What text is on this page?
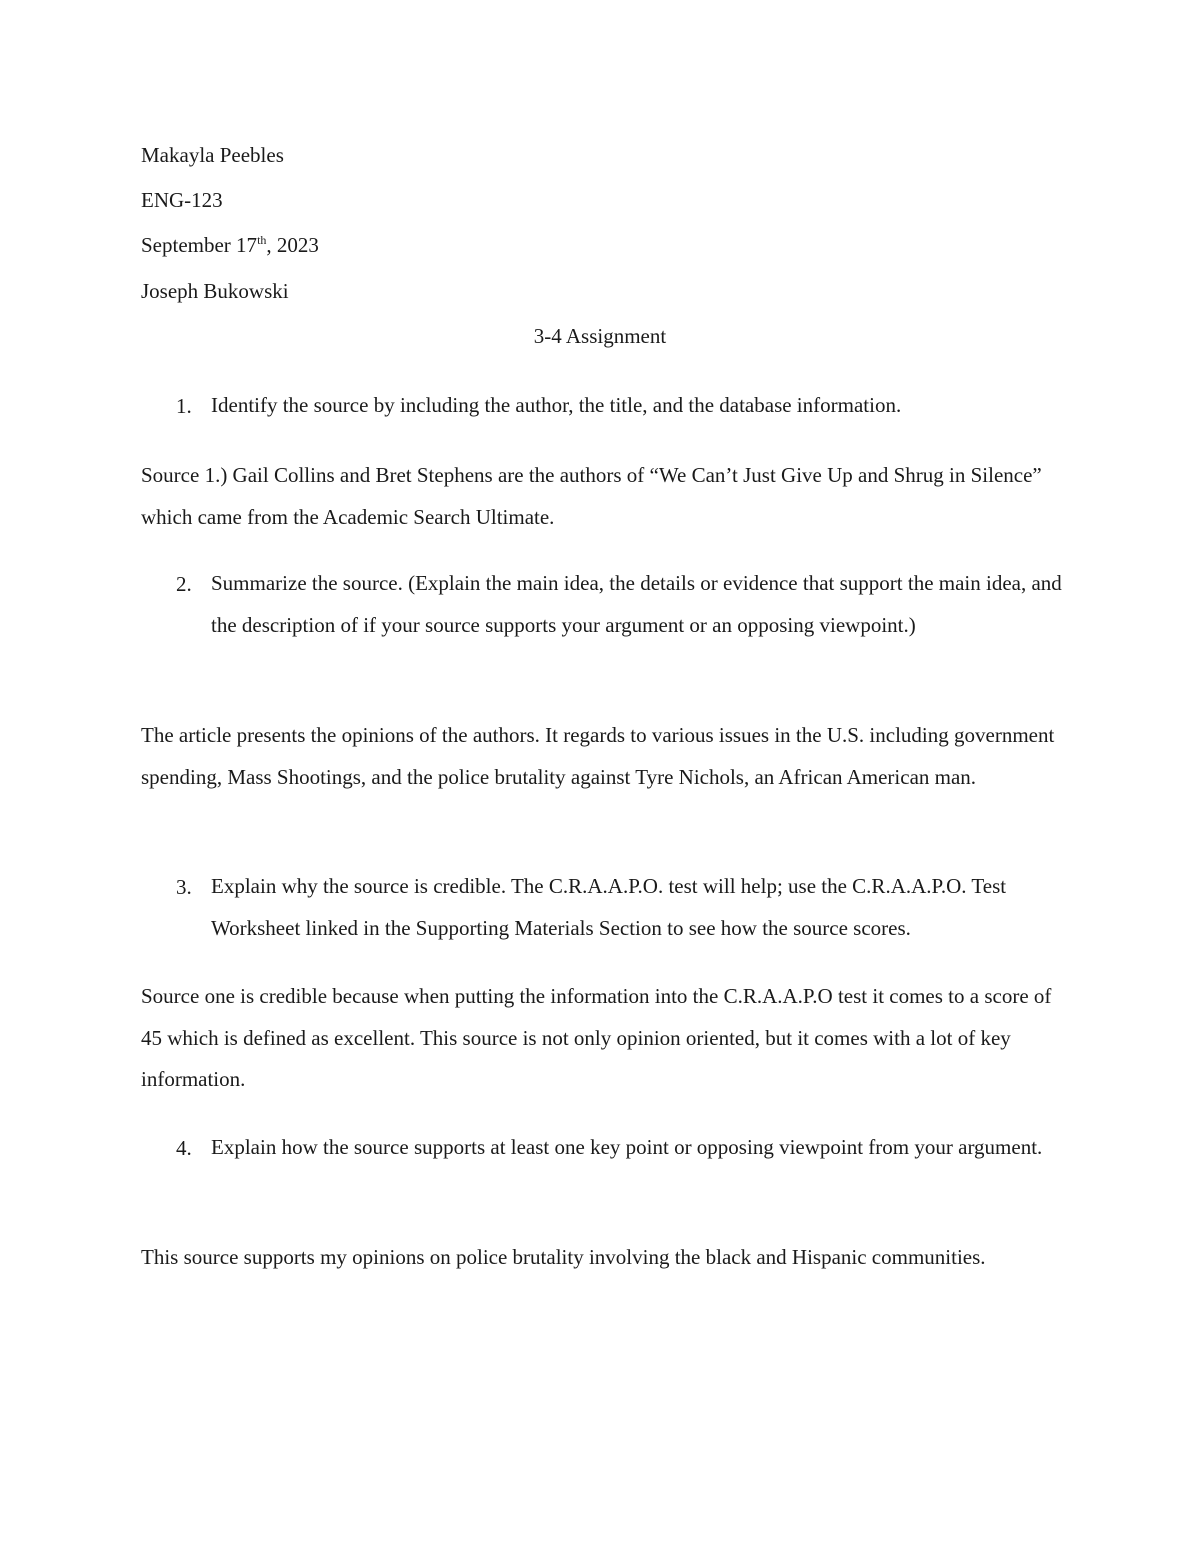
Makayla Peebles
ENG-123
September 17th, 2023
Joseph Bukowski
3-4 Assignment
1. Identify the source by including the author, the title, and the database information.
Source 1.) Gail Collins and Bret Stephens are the authors of “We Can’t Just Give Up and Shrug in Silence” which came from the Academic Search Ultimate.
2. Summarize the source. (Explain the main idea, the details or evidence that support the main idea, and the description of if your source supports your argument or an opposing viewpoint.)
The article presents the opinions of the authors. It regards to various issues in the U.S. including government spending, Mass Shootings, and the police brutality against Tyre Nichols, an African American man.
3. Explain why the source is credible. The C.R.A.A.P.O. test will help; use the C.R.A.A.P.O. Test Worksheet linked in the Supporting Materials Section to see how the source scores.
Source one is credible because when putting the information into the C.R.A.A.P.O test it comes to a score of 45 which is defined as excellent. This source is not only opinion oriented, but it comes with a lot of key information.
4. Explain how the source supports at least one key point or opposing viewpoint from your argument.
This source supports my opinions on police brutality involving the black and Hispanic communities.
